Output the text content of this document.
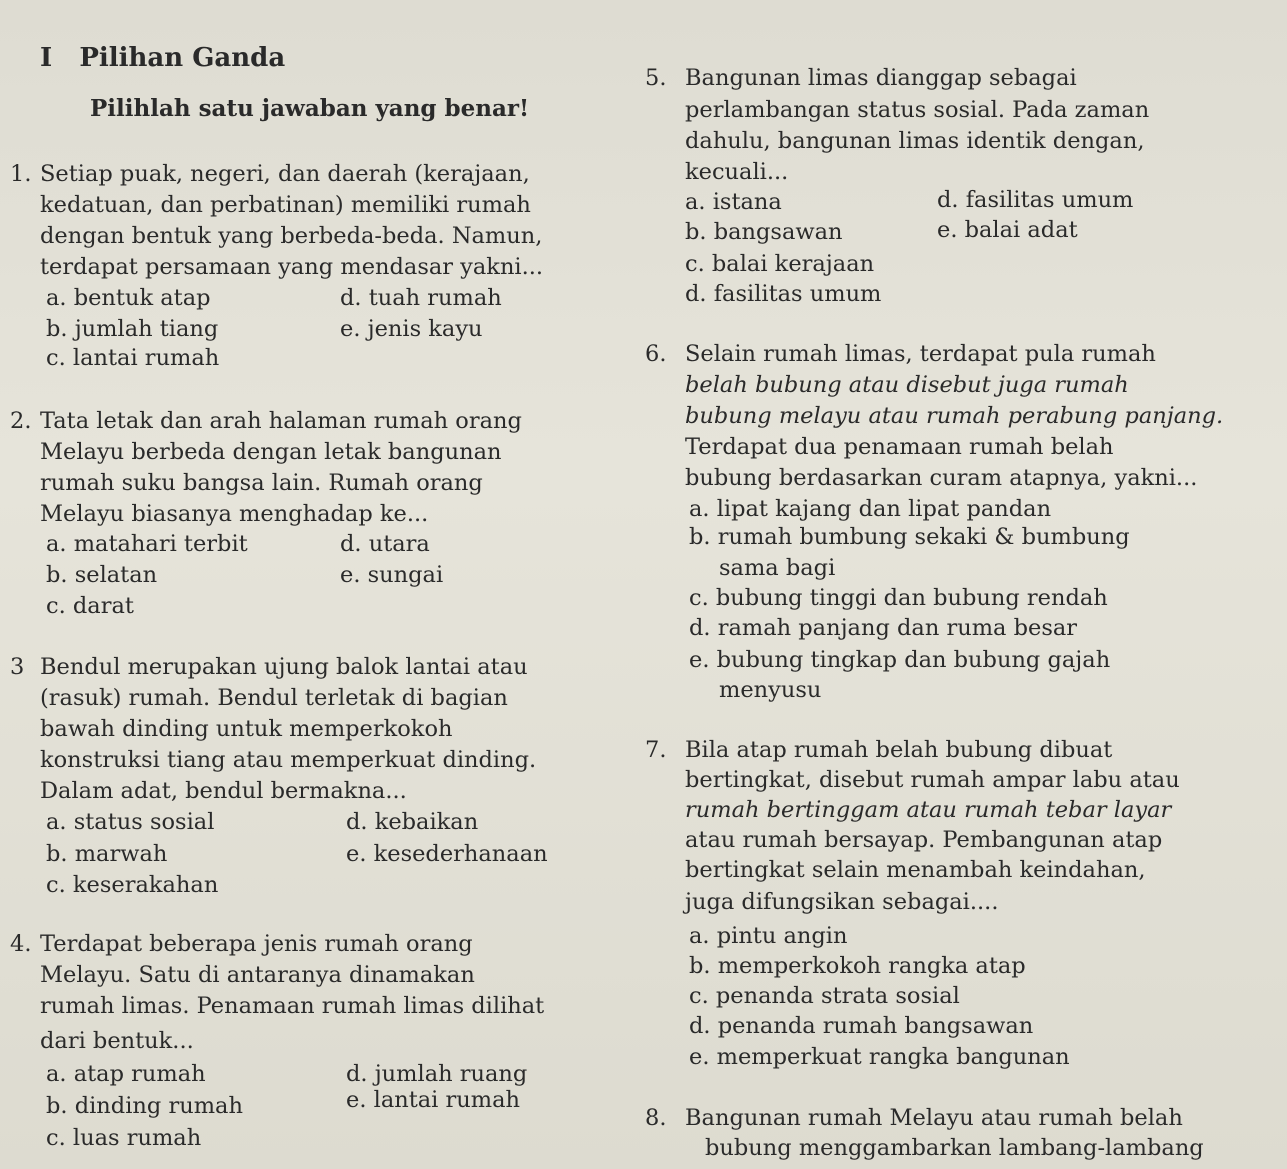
I Pilihan Ganda
Pilihlah satu jawaban yang benar!
1. Setiap puak, negeri, dan daerah (kerajaan,
kedatuan, dan perbatinan) memiliki rumah
dengan bentuk yang berbeda-beda. Namun,
terdapat persamaan yang mendasar yakni...
a. bentuk atap
b. jumlah tiang
c. lantai rumah
d. tuah rumah
e. jenis kayu
2. Tata letak dan arah halaman rumah orang
Melayu berbeda dengan letak bangunan
rumah suku bangsa lain. Rumah orang
Melayu biasanya menghadap ke...
a. matahari terbit
b. selatan
c. darat
d. utara
e. sungai
3 Bendul merupakan ujung balok lantai atau
(rasuk) rumah. Bendul terletak di bagian
bawah dinding untuk memperkokoh
konstruksi tiang atau memperkuat dinding.
Dalam adat, bendul bermakna...
a. status sosial
b. marwah
c. keserakahan
d. kebaikan
e. kesederhanaan
4. Terdapat beberapa jenis rumah orang
Melayu. Satu di antaranya dinamakan
rumah limas. Penamaan rumah limas dilihat
dari bentuk...
a. atap rumah
b. dinding rumah
c. luas rumah
d. jumlah ruang
e. lantai rumah
5. Bangunan limas dianggap sebagai
perlambangan status sosial. Pada zaman
dahulu, bangunan limas identik dengan,
kecuali...
a. istana
b. bangsawan
c. balai kerajaan
d. fasilitas umum
d. fasilitas umum
e. balai adat
6. Selain rumah limas, terdapat pula rumah
belah bubung atau disebut juga rumah
bubung melayu atau rumah perabung panjang.
Terdapat dua penamaan rumah belah
bubung berdasarkan curam atapnya, yakni...
a. lipat kajang dan lipat pandan
b. rumah bumbung sekaki & bumbung
sama bagi
c. bubung tinggi dan bubung rendah
d. ramah panjang dan ruma besar
e. bubung tingkap dan bubung gajah
menyusu
7. Bila atap rumah belah bubung dibuat
bertingkat, disebut rumah ampar labu atau
rumah bertinggam atau rumah tebar layar
atau rumah bersayap. Pembangunan atap
bertingkat selain menambah keindahan,
juga difungsikan sebagai....
a. pintu angin
b. memperkokoh rangka atap
c. penanda strata sosial
d. penanda rumah bangsawan
e. memperkuat rangka bangunan
8. Bangunan rumah Melayu atau rumah belah
bubung menggambarkan lambang-lambang
